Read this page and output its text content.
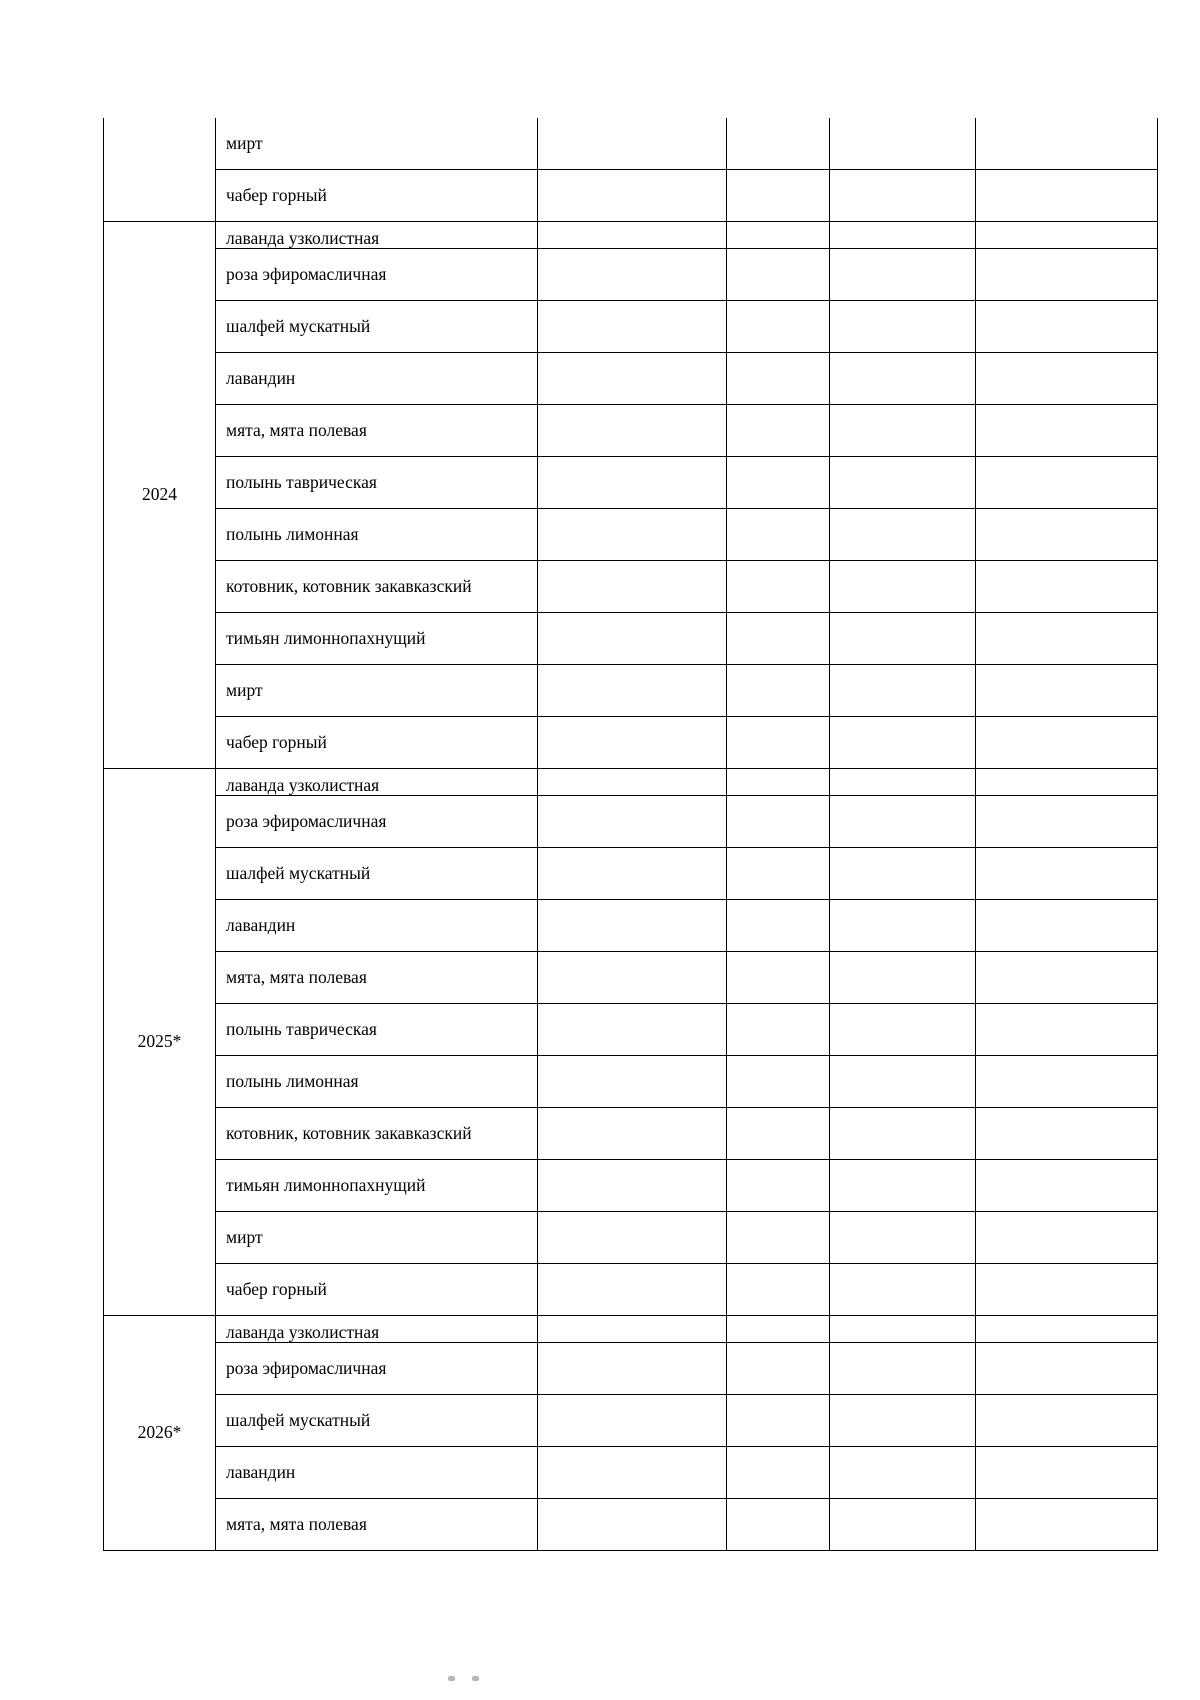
	мирт				
	чабер горный				
2024	лаванда узколистная				
	роза эфиромасличная				
	шалфей мускатный				
	лавандин				
	мята, мята полевая				
	полынь таврическая				
	полынь лимонная				
	котовник, котовник закавказский				
	тимьян лимоннопахнущий				
	мирт				
	чабер горный				
2025*	лаванда узколистная				
	роза эфиромасличная				
	шалфей мускатный				
	лавандин				
	мята, мята полевая				
	полынь таврическая				
	полынь лимонная				
	котовник, котовник закавказский				
	тимьян лимоннопахнущий				
	мирт				
	чабер горный				
2026*	лаванда узколистная				
	роза эфиромасличная				
	шалфей мускатный				
	лавандин				
	мята, мята полевая				
